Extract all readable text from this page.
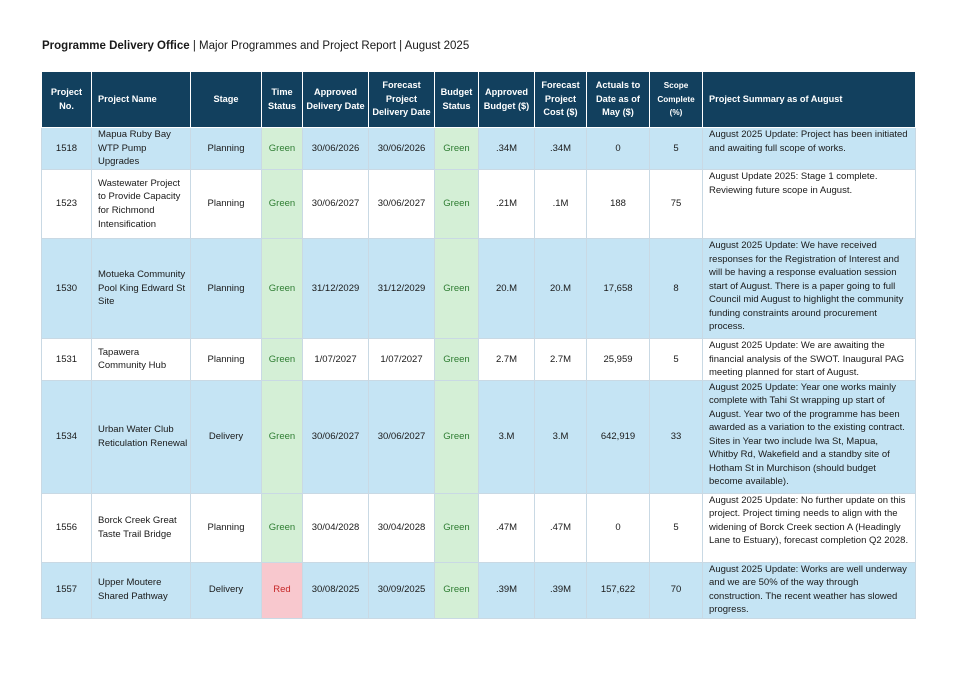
Programme Delivery Office | Major Programmes and Project Report | August 2025
Project No.	Project Name	Stage	Time Status	Approved Delivery Date	Forecast Project Delivery Date	Budget Status	Approved Budget ($)	Forecast Project Cost ($)	Actuals to Date as of May ($)	Scope Complete (%)	Project Summary as of August
1518	Mapua Ruby Bay WTP Pump Upgrades	Planning	Green	30/06/2026	30/06/2026	Green	.34M	.34M	0	5	August 2025 Update: Project has been initiated and awaiting full scope of works.
1523	Wastewater Project to Provide Capacity for Richmond Intensification	Planning	Green	30/06/2027	30/06/2027	Green	.21M	.1M	188	75	August Update 2025: Stage 1 complete. Reviewing future scope in August.
1530	Motueka Community Pool King Edward St Site	Planning	Green	31/12/2029	31/12/2029	Green	20.M	20.M	17,658	8	August 2025 Update: We have received responses for the Registration of Interest and will be having a response evaluation session start of August. There is a paper going to full Council mid August to highlight the community funding constraints around procurement process.
1531	Tapawera Community Hub	Planning	Green	1/07/2027	1/07/2027	Green	2.7M	2.7M	25,959	5	August 2025 Update: We are awaiting the financial analysis of the SWOT. Inaugural PAG meeting planned for start of August.
1534	Urban Water Club Reticulation Renewal	Delivery	Green	30/06/2027	30/06/2027	Green	3.M	3.M	642,919	33	August 2025 Update: Year one works mainly complete with Tahi St wrapping up start of August. Year two of the programme has been awarded as a variation to the existing contract. Sites in Year two include Iwa St, Mapua, Whitby Rd, Wakefield and a standby site of Hotham St in Murchison (should budget become available).
1556	Borck Creek Great Taste Trail Bridge	Planning	Green	30/04/2028	30/04/2028	Green	.47M	.47M	0	5	August 2025 Update: No further update on this project. Project timing needs to align with the widening of Borck Creek section A (Headingly Lane to Estuary), forecast completion Q2 2028.
1557	Upper Moutere Shared Pathway	Delivery	Red	30/08/2025	30/09/2025	Green	.39M	.39M	157,622	70	August 2025 Update: Works are well underway and we are 50% of the way through construction. The recent weather has slowed progress.
